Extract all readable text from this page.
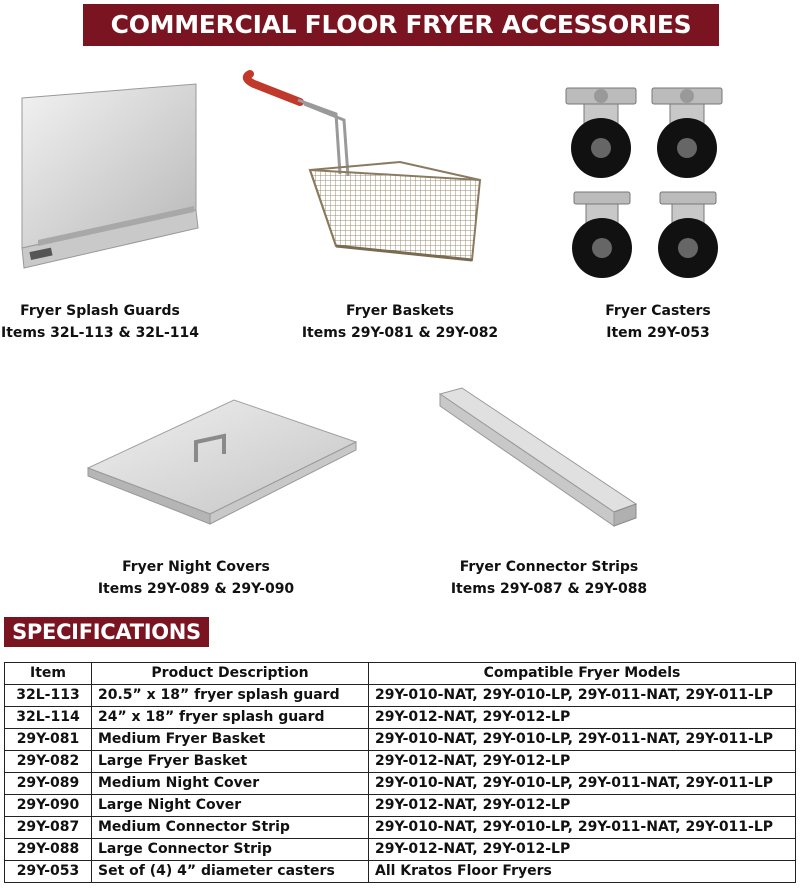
COMMERCIAL FLOOR FRYER ACCESSORIES
Fryer Splash Guards
Items 32L-113 & 32L-114
Fryer Baskets
Items 29Y-081 & 29Y-082
Fryer Casters
Item 29Y-053
Fryer Night Covers
Items 29Y-089 & 29Y-090
Fryer Connector Strips
Items 29Y-087 & 29Y-088
SPECIFICATIONS
Item	Product Description	Compatible Fryer Models
32L-113	20.5” x 18” fryer splash guard	29Y-010-NAT, 29Y-010-LP, 29Y-011-NAT, 29Y-011-LP
32L-114	24” x 18” fryer splash guard	29Y-012-NAT, 29Y-012-LP
29Y-081	Medium Fryer Basket	29Y-010-NAT, 29Y-010-LP, 29Y-011-NAT, 29Y-011-LP
29Y-082	Large Fryer Basket	29Y-012-NAT, 29Y-012-LP
29Y-089	Medium Night Cover	29Y-010-NAT, 29Y-010-LP, 29Y-011-NAT, 29Y-011-LP
29Y-090	Large Night Cover	29Y-012-NAT, 29Y-012-LP
29Y-087	Medium Connector Strip	29Y-010-NAT, 29Y-010-LP, 29Y-011-NAT, 29Y-011-LP
29Y-088	Large Connector Strip	29Y-012-NAT, 29Y-012-LP
29Y-053	Set of (4) 4” diameter casters	All Kratos Floor Fryers
